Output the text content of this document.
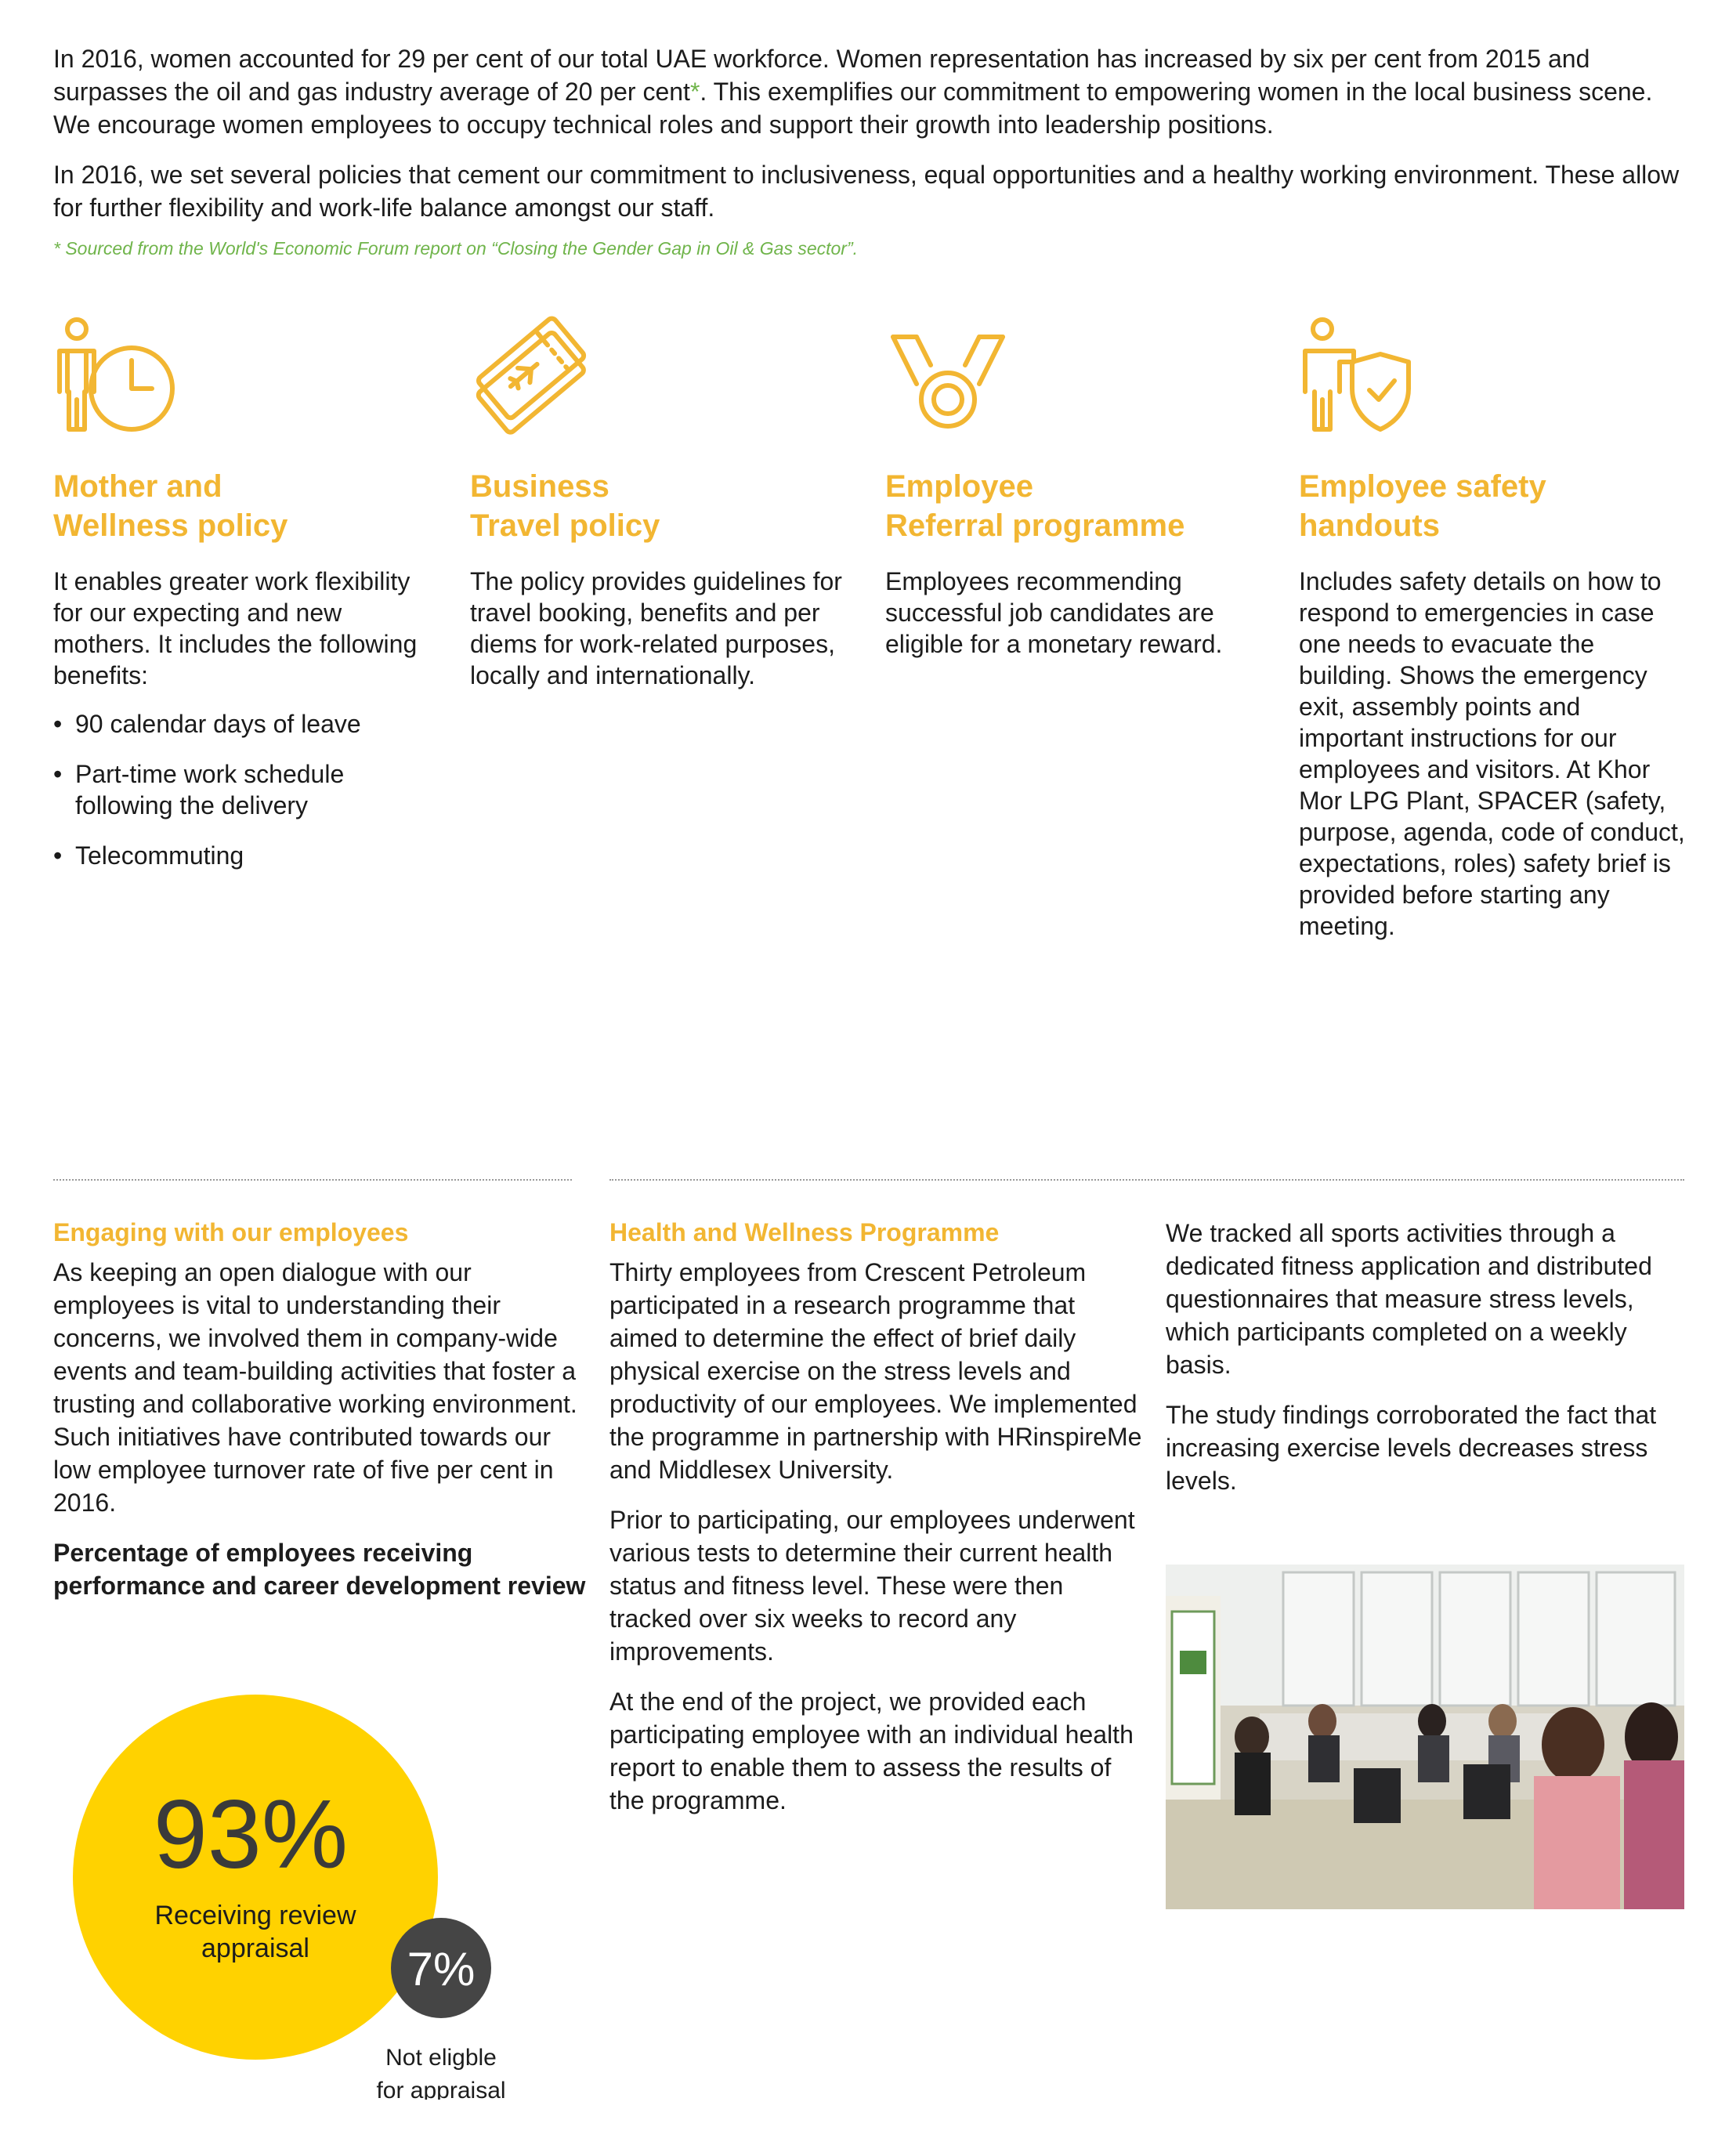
In 2016, women accounted for 29 per cent of our total UAE workforce. Women representation has increased by six per cent from 2015 and surpasses the oil and gas industry average of 20 per cent*. This exemplifies our commitment to empowering women in the local business scene. We encourage women employees to occupy technical roles and support their growth into leadership positions.

In 2016, we set several policies that cement our commitment to inclusiveness, equal opportunities and a healthy working environment. These allow for further flexibility and work-life balance amongst our staff.

* Sourced from the World's Economic Forum report on “Closing the Gender Gap in Oil & Gas sector”.
Mother and
Wellness policy
It enables greater work flexibility for our expecting and new mothers. It includes the following benefits:
• 90 calendar days of leave
• Part-time work schedule following the delivery
• Telecommuting
Business
Travel policy
The policy provides guidelines for travel booking, benefits and per diems for work-related purposes, locally and internationally.
Employee
Referral programme
Employees recommending successful job candidates are eligible for a monetary reward.
Employee safety
handouts
Includes safety details on how to respond to emergencies in case one needs to evacuate the building. Shows the emergency exit, assembly points and important instructions for our employees and visitors. At Khor Mor LPG Plant, SPACER (safety, purpose, agenda, code of conduct, expectations, roles) safety brief is provided before starting any meeting.
Engaging with our employees

As keeping an open dialogue with our employees is vital to understanding their concerns, we involved them in company-wide events and team-building activities that foster a trusting and collaborative working environment. Such initiatives have contributed towards our low employee turnover rate of five per cent in 2016.

Percentage of employees receiving performance and career development review
93%
Receiving review
appraisal 7%
Not eligble
for appraisal
Health and Wellness Programme

Thirty employees from Crescent Petroleum participated in a research programme that aimed to determine the effect of brief daily physical exercise on the stress levels and productivity of our employees. We implemented the programme in partnership with HRinspireMe and Middlesex University.

Prior to participating, our employees underwent various tests to determine their current health status and fitness level. These were then tracked over six weeks to record any improvements.

At the end of the project, we provided each participating employee with an individual health report to enable them to assess the results of the programme.

We tracked all sports activities through a dedicated fitness application and distributed questionnaires that measure stress levels, which participants completed on a weekly basis.

The study findings corroborated the fact that increasing exercise levels decreases stress levels.
